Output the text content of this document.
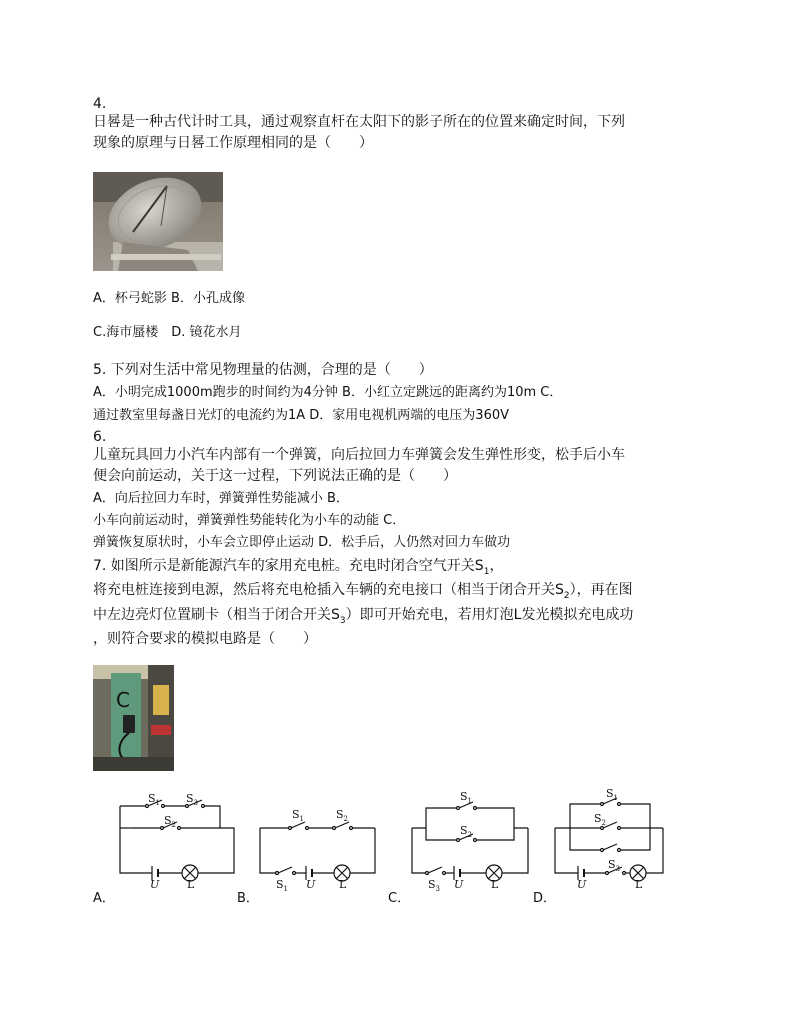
4.
日晷是一种古代计时工具，通过观察直杆在太阳下的影子所在的位置来确定时间，下列
现象的原理与日晷工作原理相同的是（　　）
A．杯弓蛇影 B．小孔成像
C.海市蜃楼　D. 镜花水月
5. 下列对生活中常见物理量的估测，合理的是（　　）
A．小明完成1000m跑步的时间约为4分钟 B．小红立定跳远的距离约为10m C．
通过教室里每盏日光灯的电流约为1A D．家用电视机两端的电压为360V
6.
儿童玩具回力小汽车内部有一个弹簧，向后拉回力车弹簧会发生弹性形变，松手后小车
便会向前运动，关于这一过程，下列说法正确的是（　　）
A．向后拉回力车时，弹簧弹性势能减小 B．
小车向前运动时，弹簧弹性势能转化为小车的动能 C．
弹簧恢复原状时，小车会立即停止运动 D．松手后，人仍然对回力车做功
7. 如图所示是新能源汽车的家用充电桩。充电时闭合空气开关$S_1$，
将充电桩连接到电源，然后将充电枪插入车辆的充电接口（相当于闭合开关$S_2$），再在图
中左边亮灯位置刷卡（相当于闭合开关$S_3$）即可开始充电，若用灯泡L发光模拟充电成功
，则符合要求的模拟电路是（　　）
C
$S_1$ $S_3$
$S_2$
U	L
$S_1$	$S_2$
$S_1$ U L
$S_1$
$S_2$
$S_3$ U	L
$S_1$
$S_2$
$S_3$
U	L
A．	B．	C．	D．
